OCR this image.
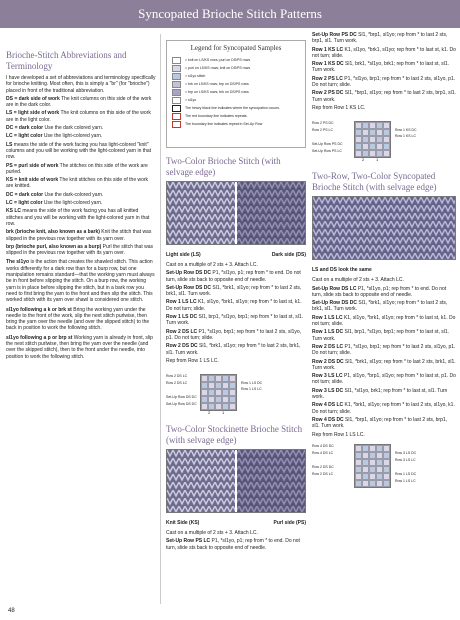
Syncopated Brioche Stitch Patterns
Brioche-Stitch Abbreviations and Terminology

I have developed a set of abbreviations and terminology specifically for brioche knitting. Most often, this is simply a "br" (for "brioche") placed in front of the traditional abbreviation.

DS = dark side of work The knit columns on this side of the work are in the dark color.

LS = light side of work The knit columns on this side of the work are in the light color.

DC = dark color Use the dark colored yarn.

LC = light color Use the light-colored yarn.

LS means the side of the work facing you has light-colored "knit" columns and you will be working with the light-colored yarn in that row.

PS = purl side of work The stitches on this side of the work are purled.

KS = knit side of work The knit stitches on this side of the work are knitted.

DC = dark color Use the dark-colored yarn.

LC = light color Use the light-colored yarn.

KS LC means the side of the work facing you has all knitted stitches and you will be working with the light-colored yarn in that row.

brk (brioche knit, also known as a bark) Knit the stitch that was slipped in the previous row together with its yarn over.

brp (brioche purl, also known as a burp) Purl the stitch that was slipped in the previous row together with its yarn over.

The sl1yo is the action that creates the shawled stitch. This action works differently for a dark row than for a burp row, but one manipulation remains standard—that the working yarn must always be in front before slipping the stitch. On a burp row, the working yarn is in place before slipping the stitch, but in a bark row you need to first bring the yarn to the front and then slip the stitch. This worked stitch with its yarn over shawl is considered one stitch.

sl1yo following a k or brk st Bring the working yarn under the needle to the front of the work, slip the next stitch purlwise, then bring the yarn over the needle (and over the slipped stitch) to the back in position to work the following stitch.

sl1yo following a p or brp st Working yarn is already in front, slip the next stitch purlwise, then bring the yarn over the needle (and over the skipped stitch), then to the front under the needle, into position to work the following stitch.

Legend for Syncopated Samples
= knit on LS/KS rows; purl on DS/PS rows
= purl on LS/KS rows; knit on DS/PS rows
= sl1yo stitch
= brk on LS/KS rows; brp on DS/PS rows
= brp on LS/KS rows; brk on DS/PS rows
= sl1yo
The heavy black line indicates where the syncopation occurs.
The red boundary line indicates repeats.
The boundary line indicates repeat in Set-Up Row
Two-Color Brioche Stitch (with selvage edge)
Light side (LS)	Dark side (DS)

Cast on a multiple of 2 sts + 3. Attach LC.

Set-Up Row DS DC P1, *sl1yo, p1; rep from * to end. Do not turn, slide sts back to opposite end of needle.

Set-Up Row DS DC Sl1, *brk1, sl1yo; rep from * to last 2 sts, brk1, sl1. Turn work.

Row 1 LS LC K1, sl1yo, *brk1, sl1yo; rep from * to last st, k1. Do not turn; slide.

Row 1 LS DC Sl1, brp1, *sl1yo, brp1; rep from * to last st, sl1. Turn work.

Row 2 DS LC P1, *sl1yo, brp1; rep from * to last 2 sts, sl1yo, p1. Do not turn; slide.

Row 2 DS DC Sl1, *brk1, sl1yo; rep from * to last 2 sts, brk1, sl1. Turn work.

Rep from Row 1 LS LC.

Row 2 DS LC
Row 2 DS LC
Set-Up Row DS DC
Set-Up Row DS DC
Row 1 LS DC
Row 1 LS LC
2	1
Two-Color Stockinette Brioche Stitch (with selvage edge)
Knit Side (KS)	Purl side (PS)

Cast on a multiple of 2 sts + 3. Attach LC.

Set-Up Row PS LC P1, *sl1yo, p1; rep from * to end. Do not turn, slide sts back to opposite end of needle.

Set-Up Row PS DC Sl1, *brp1, sl1yo; rep from * to last 2 sts, brp1, sl1. Turn work.

Row 1 KS LC K1, sl1yo, *brk1, sl1yo; rep from * to last st, k1. Do not turn; slide.

Row 1 KS DC Sl1, brk1, *sl1yo, brk1; rep from * to last st, sl1. Turn work.

Row 2 PS LC P1, *sl1yo, brp1; rep from * to last 2 sts, sl1yo, p1. Do not turn; slide.

Row 2 PS DC Sl1, *brp1, sl1yo; rep from * to last 2 sts, brp1, sl1. Turn work.

Rep from Row 1 KS LC.

Row 2 PS DC
Row 2 PS LC
Set-Up Row PS DC
Set-Up Row PS LC
Row 1 KS DC
Row 1 KS LC
2	1
Two-Row, Two-Color Syncopated Brioche Stitch (with selvage edge)
LS and DS look the same

Cast on a multiple of 2 sts + 3. Attach LC.

Set-Up Row DS LC P1, *sl1yo, p1; rep from * to end. Do not turn, slide sts back to opposite end of needle.

Set-Up Row DS DC Sl1, *brk1, sl1yo; rep from * to last 2 sts, brk1, sl1. Turn work.

Row 1 LS LC K1, sl1yo, *brk1, sl1yo; rep from * to last st, k1. Do not turn; slide.

Row 1 LS DC Sl1, brp1, *sl1yo, brp1; rep from * to last st, sl1. Turn work.

Row 2 DS LC P1, *sl1yo, brp1; rep from * to last 2 sts, sl1yo, p1. Do not turn; slide.

Row 2 DS DC Sl1, *brk1, sl1yo; rep from * to last 2 sts, brk1, sl1. Turn work.

Row 3 LS LC P1, sl1yo, *brp1, sl1yo; rep from * to last st, p1. Do not turn; slide.

Row 3 LS DC Sl1, *sl1yo, brk1; rep from * to last st, sl1. Turn work.

Row 4 DS LC K1, *brk1, sl1yo; rep from * to last 2 sts, sl1yo, k1. Do not turn; slide.

Row 4 DS DC Sl1, *brp1, sl1yo; rep from * to last 2 sts, brp1, sl1. Turn work.

Rep from Row 1 LS LC.

Row 4 DS DC
Row 4 DS LC
Row 2 DS DC
Row 2 DS LC
Row 3 LS DC
Row 3 LS LC
Row 1 LS DC
Row 1 LS LC
48
